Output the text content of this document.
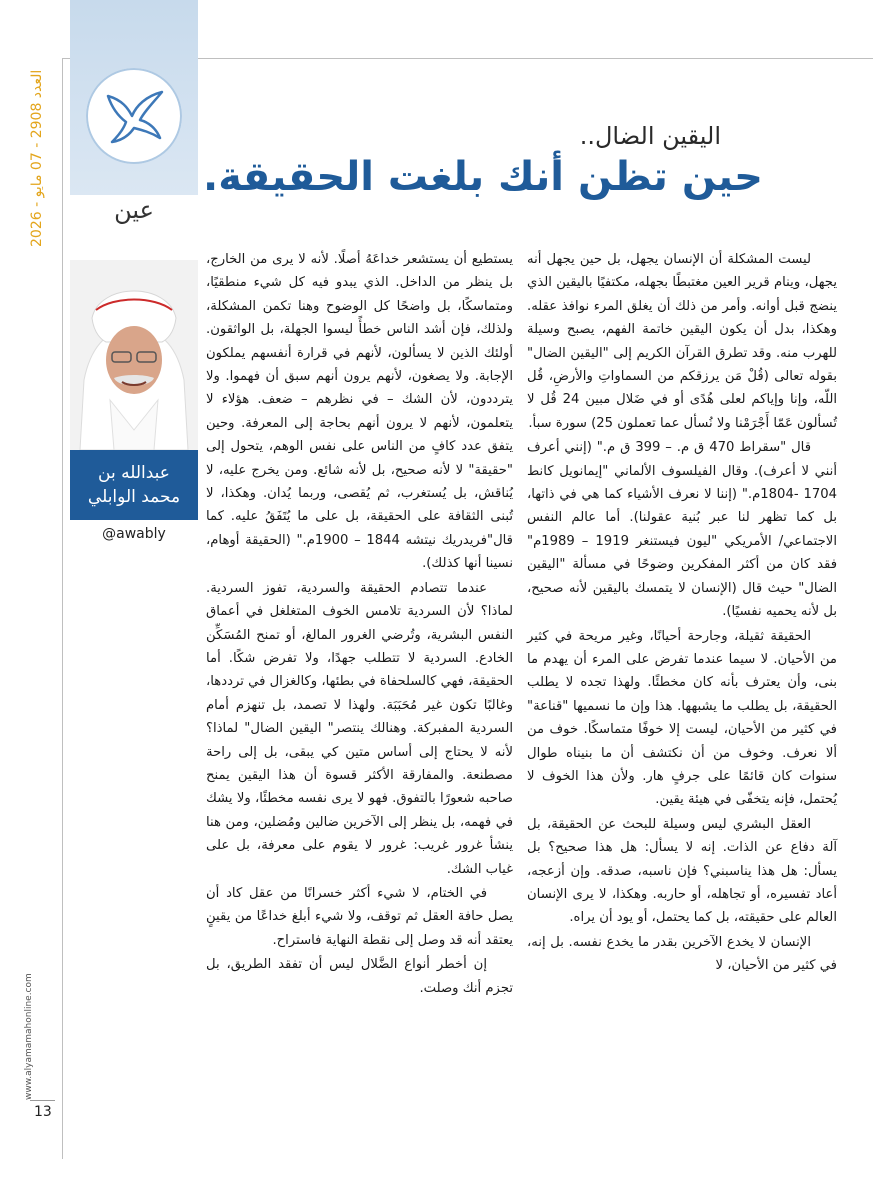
العدد 2908 - 07 مايو - 2026
www.alyamamahonline.com
13
عين
عبدالله بن
محمد الوابلي
@awably
اليقين الضال..
حين تظن أنك بلغت الحقيقة.

ليست المشكلة أن الإنسان يجهل، بل حين يجهل أنه يجهل، وينام قرير العين مغتبطًا بجهله، مكتفيًا باليقين الذي ينضج قبل أوانه. وأمر من ذلك أن يغلق المرء نوافذ عقله. وهكذا، بدل أن يكون اليقين خاتمة الفهم، يصبح وسيلة للهرب منه. وقد تطرق القرآن الكريم إلى "اليقين الضال" بقوله تعالى (قُلْ مَن يرزقكم من السماواتِ والأرضِ، قُل اللّه، وإنا وإياكم لعلى هُدًى أو في ضَلال مبين 24 قُل لا تُسألون عَمّا أَجْرَمْنا ولا نُسأل عما تعملون 25) سورة سبأ.

قال "سقراط 470 ق م. – 399 ق م." (إنني أعرف أنني لا أعرف). وقال الفيلسوف الألماني "إيمانويل كانط 1704 -1804م." (إننا لا نعرف الأشياء كما هي في ذاتها، بل كما تظهر لنا عبر بُنية عقولنا). أما عالم النفس الاجتماعي/ الأمريكي "ليون فيستنغر 1919 – 1989م" فقد كان من أكثر المفكرين وضوحًا في مسألة "اليقين الضال" حيث قال (الإنسان لا يتمسك باليقين لأنه صحيح، بل لأنه يحميه نفسيًا).

الحقيقة ثقيلة، وجارحة أحيانًا، وغير مريحة في كثير من الأحيان. لا سيما عندما تفرض على المرء أن يهدم ما بنى، وأن يعترف بأنه كان مخطئًا. ولهذا تجده لا يطلب الحقيقة، بل يطلب ما يشبهها. هذا وإن ما نسميها "قناعة" في كثير من الأحيان، ليست إلا خوفًا متماسكًا. خوف من ألا نعرف. وخوف من أن نكتشف أن ما بنيناه طوال سنوات كان قائمًا على جرفٍ هار. ولأن هذا الخوف لا يُحتمل، فإنه يتخفّى في هيئة يقين.

العقل البشري ليس وسيلة للبحث عن الحقيقة، بل آلة دفاع عن الذات. إنه لا يسأل: هل هذا صحيح؟ بل يسأل: هل هذا يناسبني؟ فإن ناسبه، صدقه. وإن أزعجه، أعاد تفسيره، أو تجاهله، أو حاربه. وهكذا، لا يرى الإنسان العالم على حقيقته، بل كما يحتمل، أو يود أن يراه.

الإنسان لا يخدع الآخرين بقدر ما يخدع نفسه. بل إنه، في كثير من الأحيان، لا

يستطيع أن يستشعر خداعَهُ أصلًا. لأنه لا يرى من الخارج، بل ينظر من الداخل. الذي يبدو فيه كل شيء منطقيًا، ومتماسكًا، بل واضحًا كل الوضوح وهنا تكمن المشكلة، ولذلك، فإن أشد الناس خطأً ليسوا الجهلة، بل الواثقون. أولئك الذين لا يسألون، لأنهم في قرارة أنفسهم يملكون الإجابة. ولا يصغون، لأنهم يرون أنهم سبق أن فهموا. ولا يترددون، لأن الشك – في نظرهم – ضعف. هؤلاء لا يتعلمون، لأنهم لا يرون أنهم بحاجة إلى المعرفة. وحين يتفق عدد كافٍ من الناس على نفس الوهم، يتحول إلى "حقيقة" لا لأنه صحيح، بل لأنه شائع. ومن يخرج عليه، لا يُناقش، بل يُستغرب، ثم يُقصى، وربما يُدان. وهكذا، لا تُبنى الثقافة على الحقيقة، بل على ما يُتَفَقُ عليه. كما قال"فريدريك نيتشه 1844 – 1900م." (الحقيقة أوهام، نسينا أنها كذلك).

عندما تتصادم الحقيقة والسردية، تفوز السردية. لماذا؟ لأن السردية تلامس الخوف المتغلغل في أعماق النفس البشرية، وتُرضي الغرور المالغ، أو تمنح المُسَكِّن الخادع. السردية لا تتطلب جهدًا، ولا تفرض شكًا. أما الحقيقة، فهي كالسلحفاة في بطئها، وكالغزال في ترددها، وغالبًا تكون غير مُحَبَبَة. ولهذا لا تصمد، بل تنهزم أمام السردية المفبركة. وهنالك ينتصر" اليقين الضال" لماذا؟ لأنه لا يحتاج إلى أساس متين كي يبقى، بل إلى راحة مصطنعة. والمفارقة الأكثر قسوة أن هذا اليقين يمنح صاحبه شعورًا بالتفوق. فهو لا يرى نفسه مخطئًا، ولا يشك في فهمه، بل ينظر إلى الآخرين ضالين ومُضلين، ومن هنا ينشأ غرور غريب: غرور لا يقوم على معرفة، بل على غياب الشك.

في الختام، لا شيء أكثر خسرانًا من عقل كاد أن يصل حافة العقل ثم توقف، ولا شيء أبلغ خداعًا من يقينٍ يعتقد أنه قد وصل إلى نقطة النهاية فاستراح.

إن أخطر أنواع الضَّلال ليس أن تفقد الطريق، بل تجزم أنك وصلت.
